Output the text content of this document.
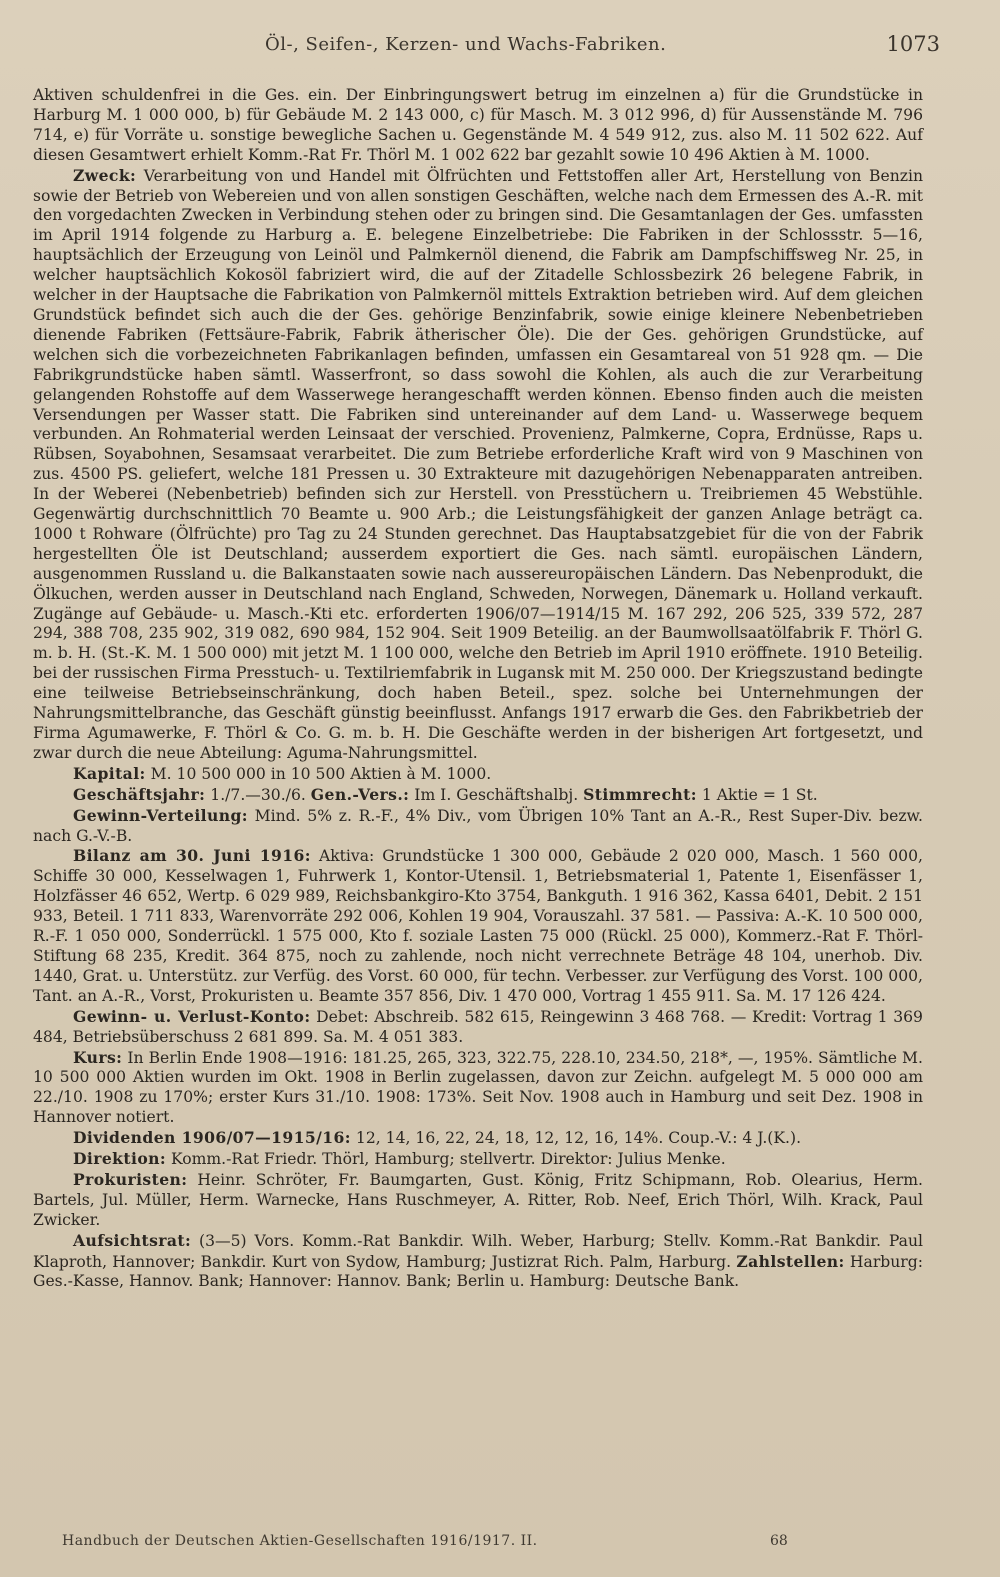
Öl-, Seifen-, Kerzen- und Wachs-Fabriken.	1073

Aktiven schuldenfrei in die Ges. ein. Der Einbringungswert betrug im einzelnen a) für die Grundstücke in Harburg M. 1 000 000, b) für Gebäude M. 2 143 000, c) für Masch. M. 3 012 996, d) für Aussenstände M. 796 714, e) für Vorräte u. sonstige bewegliche Sachen u. Gegenstände M. 4 549 912, zus. also M. 11 502 622. Auf diesen Gesamtwert erhielt Komm.-Rat Fr. Thörl M. 1 002 622 bar gezahlt sowie 10 496 Aktien à M. 1000.

Zweck: Verarbeitung von und Handel mit Ölfrüchten und Fettstoffen aller Art, Herstellung von Benzin sowie der Betrieb von Webereien und von allen sonstigen Geschäften, welche nach dem Ermessen des A.-R. mit den vorgedachten Zwecken in Verbindung stehen oder zu bringen sind. Die Gesamtanlagen der Ges. umfassten im April 1914 folgende zu Harburg a. E. belegene Einzelbetriebe: Die Fabriken in der Schlossstr. 5—16, hauptsächlich der Erzeugung von Leinöl und Palmkernöl dienend, die Fabrik am Dampfschiffsweg Nr. 25, in welcher hauptsächlich Kokosöl fabriziert wird, die auf der Zitadelle Schlossbezirk 26 belegene Fabrik, in welcher in der Hauptsache die Fabrikation von Palmkernöl mittels Extraktion betrieben wird. Auf dem gleichen Grundstück befindet sich auch die der Ges. gehörige Benzinfabrik, sowie einige kleinere Nebenbetrieben dienende Fabriken (Fettsäure-Fabrik, Fabrik ätherischer Öle). Die der Ges. gehörigen Grundstücke, auf welchen sich die vorbezeichneten Fabrikanlagen befinden, umfassen ein Gesamtareal von 51 928 qm. — Die Fabrikgrundstücke haben sämtl. Wasserfront, so dass sowohl die Kohlen, als auch die zur Verarbeitung gelangenden Rohstoffe auf dem Wasserwege herangeschafft werden können. Ebenso finden auch die meisten Versendungen per Wasser statt. Die Fabriken sind untereinander auf dem Land- u. Wasserwege bequem verbunden. An Rohmaterial werden Leinsaat der verschied. Provenienz, Palmkerne, Copra, Erdnüsse, Raps u. Rübsen, Soyabohnen, Sesamsaat verarbeitet. Die zum Betriebe erforderliche Kraft wird von 9 Maschinen von zus. 4500 PS. geliefert, welche 181 Pressen u. 30 Extrakteure mit dazugehörigen Nebenapparaten antreiben. In der Weberei (Nebenbetrieb) befinden sich zur Herstell. von Presstüchern u. Treibriemen 45 Webstühle. Gegenwärtig durchschnittlich 70 Beamte u. 900 Arb.; die Leistungsfähigkeit der ganzen Anlage beträgt ca. 1000 t Rohware (Ölfrüchte) pro Tag zu 24 Stunden gerechnet. Das Hauptabsatzgebiet für die von der Fabrik hergestellten Öle ist Deutschland; ausserdem exportiert die Ges. nach sämtl. europäischen Ländern, ausgenommen Russland u. die Balkanstaaten sowie nach aussereuropäischen Ländern. Das Nebenprodukt, die Ölkuchen, werden ausser in Deutschland nach England, Schweden, Norwegen, Dänemark u. Holland verkauft. Zugänge auf Gebäude- u. Masch.-Kti etc. erforderten 1906/07—1914/15 M. 167 292, 206 525, 339 572, 287 294, 388 708, 235 902, 319 082, 690 984, 152 904. Seit 1909 Beteilig. an der Baumwollsaatölfabrik F. Thörl G. m. b. H. (St.-K. M. 1 500 000) mit jetzt M. 1 100 000, welche den Betrieb im April 1910 eröffnete. 1910 Beteilig. bei der russischen Firma Presstuch- u. Textilriemfabrik in Lugansk mit M. 250 000. Der Kriegszustand bedingte eine teilweise Betriebseinschränkung, doch haben Beteil., spez. solche bei Unternehmungen der Nahrungsmittelbranche, das Geschäft günstig beeinflusst. Anfangs 1917 erwarb die Ges. den Fabrikbetrieb der Firma Agumawerke, F. Thörl & Co. G. m. b. H. Die Geschäfte werden in der bisherigen Art fortgesetzt, und zwar durch die neue Abteilung: Aguma-Nahrungsmittel.

Kapital: M. 10 500 000 in 10 500 Aktien à M. 1000.

Geschäftsjahr: 1./7.—30./6. Gen.-Vers.: Im I. Geschäftshalbj. Stimmrecht: 1 Aktie = 1 St.

Gewinn-Verteilung: Mind. 5% z. R.-F., 4% Div., vom Übrigen 10% Tant an A.-R., Rest Super-Div. bezw. nach G.-V.-B.

Bilanz am 30. Juni 1916: Aktiva: Grundstücke 1 300 000, Gebäude 2 020 000, Masch. 1 560 000, Schiffe 30 000, Kesselwagen 1, Fuhrwerk 1, Kontor-Utensil. 1, Betriebsmaterial 1, Patente 1, Eisenfässer 1, Holzfässer 46 652, Wertp. 6 029 989, Reichsbankgiro-Kto 3754, Bankguth. 1 916 362, Kassa 6401, Debit. 2 151 933, Beteil. 1 711 833, Warenvorräte 292 006, Kohlen 19 904, Vorauszahl. 37 581. — Passiva: A.-K. 10 500 000, R.-F. 1 050 000, Sonderrückl. 1 575 000, Kto f. soziale Lasten 75 000 (Rückl. 25 000), Kommerz.-Rat F. Thörl-Stiftung 68 235, Kredit. 364 875, noch zu zahlende, noch nicht verrechnete Beträge 48 104, unerhob. Div. 1440, Grat. u. Unterstütz. zur Verfüg. des Vorst. 60 000, für techn. Verbesser. zur Verfügung des Vorst. 100 000, Tant. an A.-R., Vorst, Prokuristen u. Beamte 357 856, Div. 1 470 000, Vortrag 1 455 911. Sa. M. 17 126 424.

Gewinn- u. Verlust-Konto: Debet: Abschreib. 582 615, Reingewinn 3 468 768. — Kredit: Vortrag 1 369 484, Betriebsüberschuss 2 681 899. Sa. M. 4 051 383.

Kurs: In Berlin Ende 1908—1916: 181.25, 265, 323, 322.75, 228.10, 234.50, 218*, —, 195%. Sämtliche M. 10 500 000 Aktien wurden im Okt. 1908 in Berlin zugelassen, davon zur Zeichn. aufgelegt M. 5 000 000 am 22./10. 1908 zu 170%; erster Kurs 31./10. 1908: 173%. Seit Nov. 1908 auch in Hamburg und seit Dez. 1908 in Hannover notiert.

Dividenden 1906/07—1915/16: 12, 14, 16, 22, 24, 18, 12, 12, 16, 14%. Coup.-V.: 4 J.(K.).

Direktion: Komm.-Rat Friedr. Thörl, Hamburg; stellvertr. Direktor: Julius Menke.

Prokuristen: Heinr. Schröter, Fr. Baumgarten, Gust. König, Fritz Schipmann, Rob. Olearius, Herm. Bartels, Jul. Müller, Herm. Warnecke, Hans Ruschmeyer, A. Ritter, Rob. Neef, Erich Thörl, Wilh. Krack, Paul Zwicker.

Aufsichtsrat: (3—5) Vors. Komm.-Rat Bankdir. Wilh. Weber, Harburg; Stellv. Komm.-Rat Bankdir. Paul Klaproth, Hannover; Bankdir. Kurt von Sydow, Hamburg; Justizrat Rich. Palm, Harburg. Zahlstellen: Harburg: Ges.-Kasse, Hannov. Bank; Hannover: Hannov. Bank; Berlin u. Hamburg: Deutsche Bank.

Handbuch der Deutschen Aktien-Gesellschaften 1916/1917. II.	68
